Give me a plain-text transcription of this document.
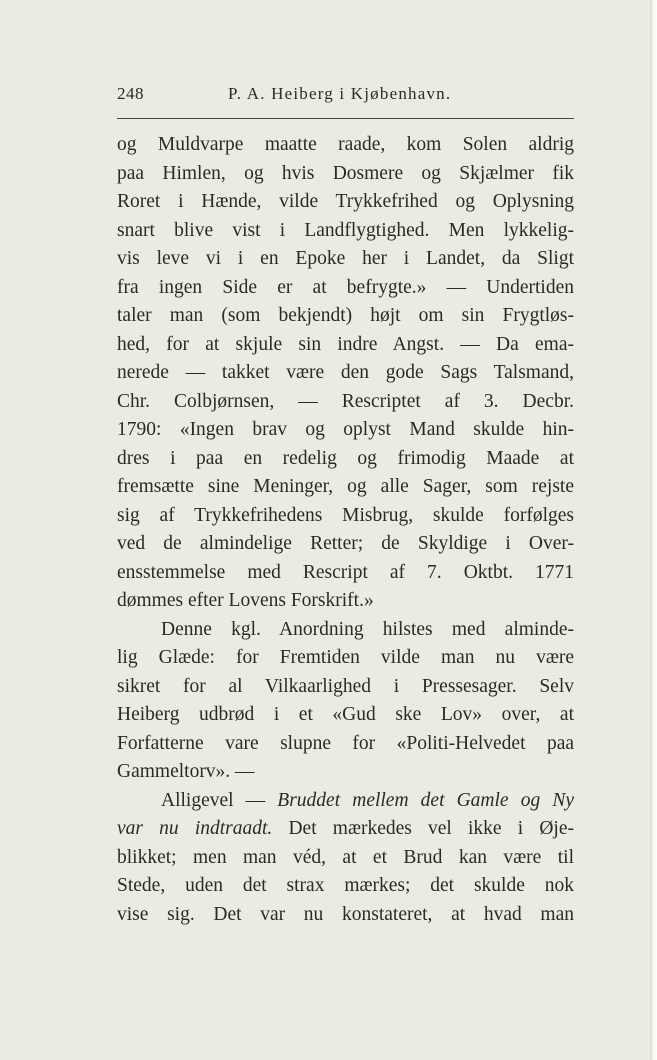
248	P. A. Heiberg i Kjøbenhavn.
og Muldvarpe maatte raade, kom Solen aldrig
paa Himlen, og hvis Dosmere og Skjælmer fik
Roret i Hænde, vilde Trykkefrihed og Oplysning
snart blive vist i Landflygtighed. Men lykkelig-
vis leve vi i en Epoke her i Landet, da Sligt
fra ingen Side er at befrygte.» — Undertiden
taler man (som bekjendt) højt om sin Frygtløs-
hed, for at skjule sin indre Angst. — Da ema-
nerede — takket være den gode Sags Talsmand,
Chr. Colbjørnsen, — Rescriptet af 3. Decbr.
1790: «Ingen brav og oplyst Mand skulde hin-
dres i paa en redelig og frimodig Maade at
fremsætte sine Meninger, og alle Sager, som rejste
sig af Trykkefrihedens Misbrug, skulde forfølges
ved de almindelige Retter; de Skyldige i Over-
ensstemmelse med Rescript af 7. Oktbt. 1771
dømmes efter Lovens Forskrift.»
Denne kgl. Anordning hilstes med alminde-
lig Glæde: for Fremtiden vilde man nu være
sikret for al Vilkaarlighed i Pressesager. Selv
Heiberg udbrød i et «Gud ske Lov» over, at
Forfatterne vare slupne for «Politi-Helvedet paa
Gammeltorv». —
Alligevel — Bruddet mellem det Gamle og Ny
var nu indtraadt. Det mærkedes vel ikke i Øje-
blikket; men man véd, at et Brud kan være til
Stede, uden det strax mærkes; det skulde nok
vise sig. Det var nu konstateret, at hvad man
